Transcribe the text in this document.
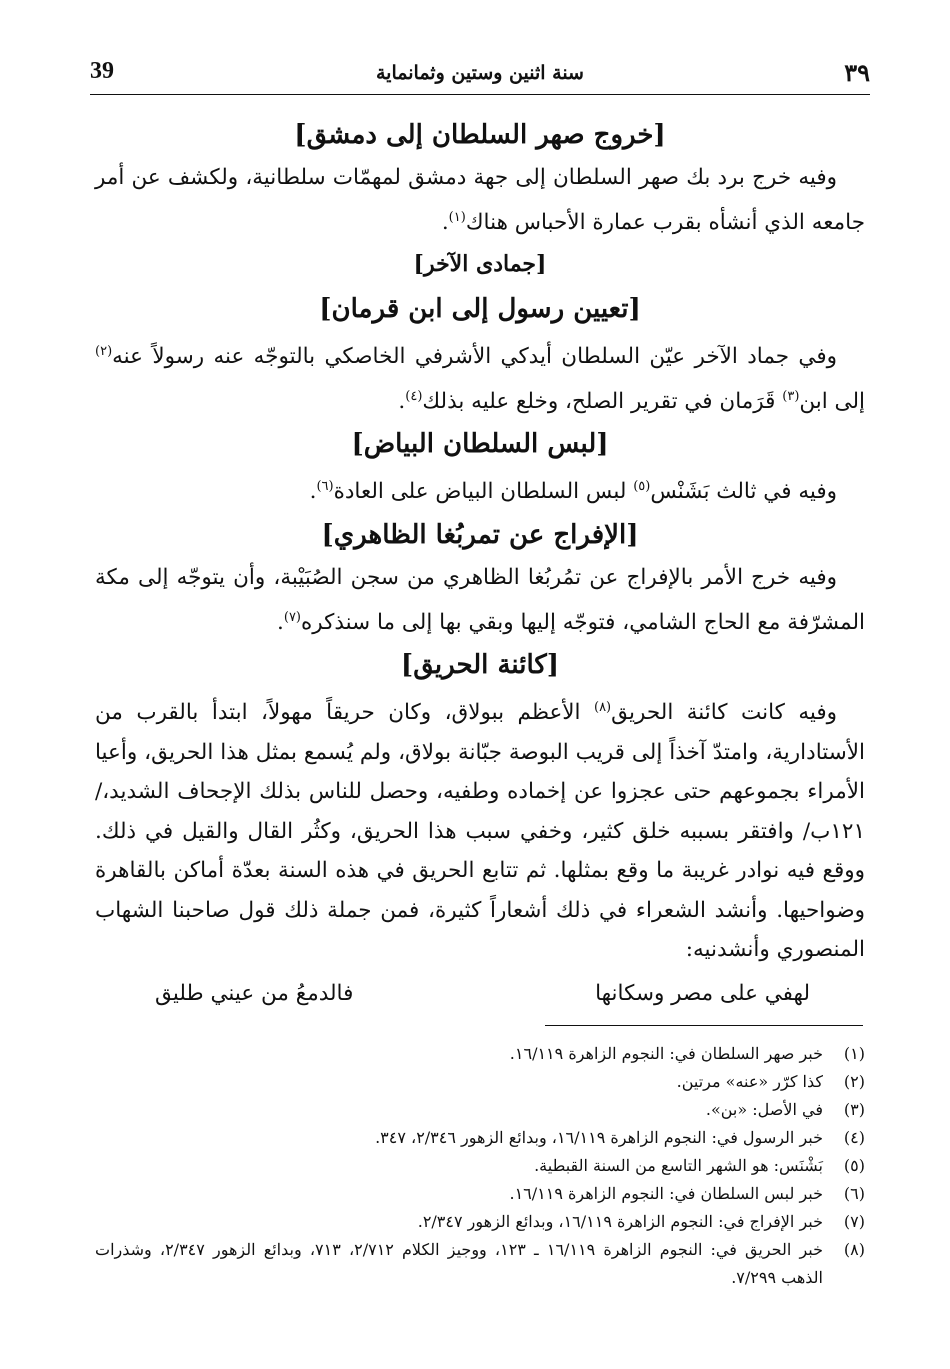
٣٩
سنة اثنين وستين وثمانماية
39
[خروج صهر السلطان إلى دمشق]

وفيه خرج برد بك صهر السلطان إلى جهة دمشق لمهمّات سلطانية، ولكشف عن أمر جامعه الذي أنشأه بقرب عمارة الأحباس هناك$^{(١)}$.

[جمادى الآخر]
[تعيين رسول إلى ابن قرمان]

وفي جماد الآخر عيّن السلطان أيدكي الأشرفي الخاصكي بالتوجّه عنه رسولاً عنه$^{(٢)}$ إلى ابن$^{(٣)}$ قَرَمان في تقرير الصلح، وخلع عليه بذلك$^{(٤)}$.

[لبس السلطان البياض]

وفيه في ثالث بَشَنْس$^{(٥)}$ لبس السلطان البياض على العادة$^{(٦)}$.

[الإفراج عن تمربُغا الظاهري]

وفيه خرج الأمر بالإفراج عن تمُربُغا الظاهري من سجن الصُبَيْبة، وأن يتوجّه إلى مكة المشرّفة مع الحاج الشامي، فتوجّه إليها وبقي بها إلى ما سنذكره$^{(٧)}$.

[كائنة الحريق]

وفيه كانت كائنة الحريق$^{(٨)}$ الأعظم ببولاق، وكان حريقاً مهولاً، ابتدأ بالقرب من الأستادارية، وامتدّ آخذاً إلى قريب البوصة جبّانة بولاق، ولم يُسمع بمثل هذا الحريق، وأعيا الأمراء بجموعهم حتى عجزوا عن إخماده وطفيه، وحصل للناس بذلك الإجحاف الشديد،/ ١٢١ب/ وافتقر بسببه خلق كثير، وخفي سبب هذا الحريق، وكثُر القال والقيل في ذلك. ووقع فيه نوادر غريبة ما وقع بمثلها. ثم تتابع الحريق في هذه السنة بعدّة أماكن بالقاهرة وضواحيها. وأنشد الشعراء في ذلك أشعاراً كثيرة، فمن جملة ذلك قول صاحبنا الشهاب المنصوري وأنشدنيه:

لهفي على مصر وسكانها
فالدمعُ من عيني طليق
(١)
خبر صهر السلطان في: النجوم الزاهرة ١٦/١١٩.
(٢)
كذا كرّر «عنه» مرتين.
(٣)
في الأصل: «بن».
(٤)
خبر الرسول في: النجوم الزاهرة ١٦/١١٩، وبدائع الزهور ٢/٣٤٦، ٣٤٧.
(٥)
بَشْنَس: هو الشهر التاسع من السنة القبطية.
(٦)
خبر لبس السلطان في: النجوم الزاهرة ١٦/١١٩.
(٧)
خبر الإفراج في: النجوم الزاهرة ١٦/١١٩، وبدائع الزهور ٢/٣٤٧.
(٨)
خبر الحريق في: النجوم الزاهرة ١٦/١١٩ ـ ١٢٣، ووجيز الكلام ٢/٧١٢، ٧١٣، وبدائع الزهور ٢/٣٤٧، وشذرات الذهب ٧/٢٩٩.
